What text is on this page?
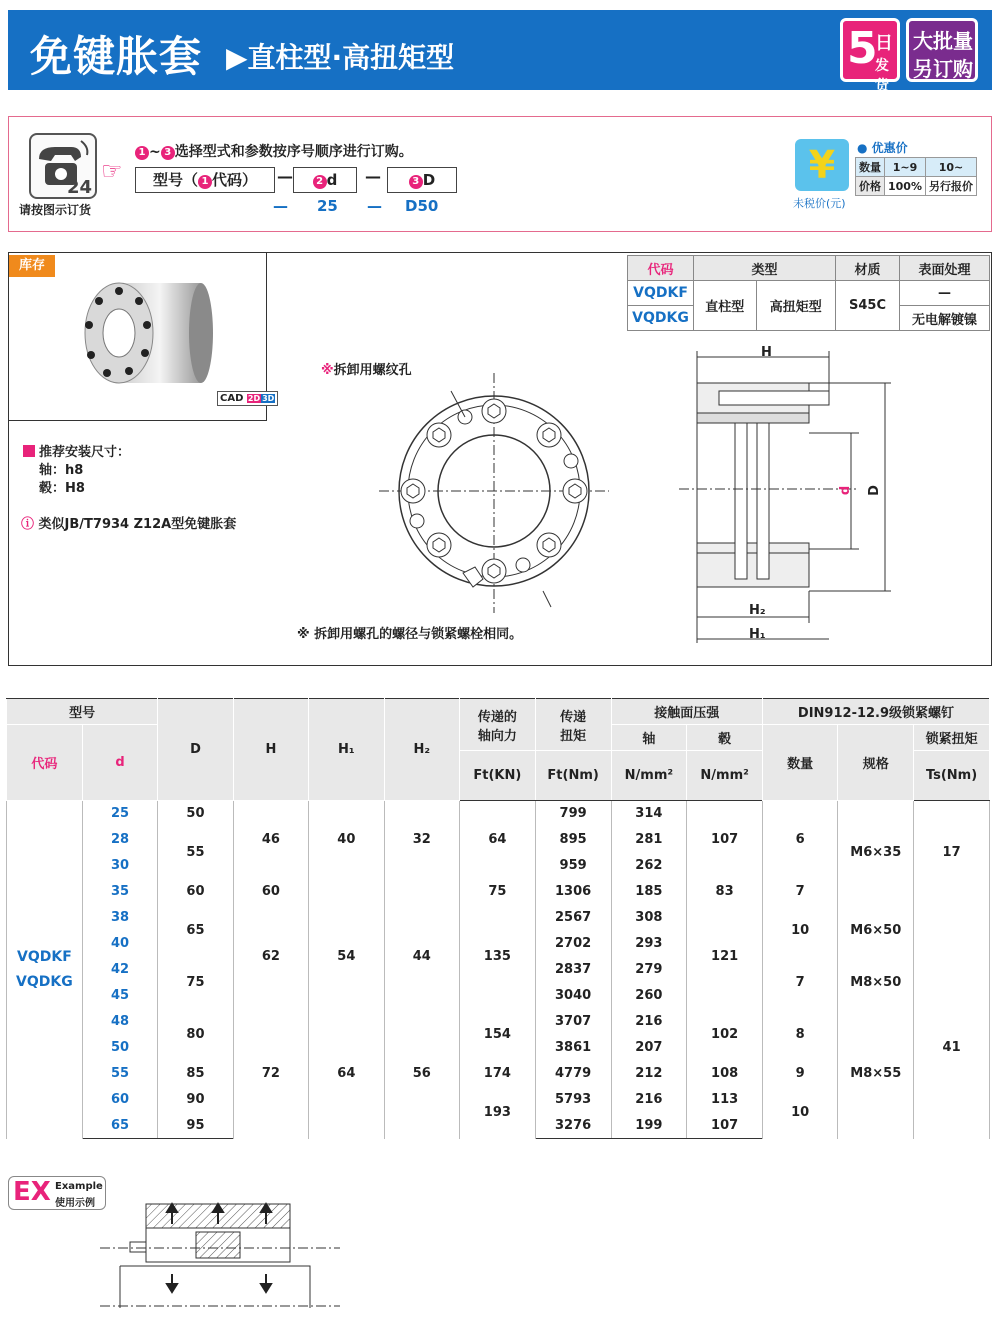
免键胀套 ▶直柱型·高扭矩型	5
日
发货
大批量
另订购
24
请按图示订货
☞
1 ~ 3 选择型式和参数按序号顺序进行订购。
型号（ 1 代码）	—	2 d	—	3 D
— 25 — D50
¥
未税价(元)
● 优惠价
数量	1~9	10~
价格	100%	另行报价
库存
CAD 2D 3D
推荐安装尺寸：
轴：h8
毂：H8
ⓘ 类似JB/T7934 Z12A型免键胀套
※拆卸用螺纹孔
※ 拆卸用螺孔的螺径与锁紧螺栓相同。
H
d D
H₂
H₁
代码	类型		材质	表面处理
VQDKF	直柱型	高扭矩型	S45C	—
VQDKG				无电解镀镍
型号		D	H	H₁	H₂	传递的
轴向力	传递
扭矩	接触面压强		DIN912-12.9级锁紧螺钉		
代码	d							轴	毂	数量	规格	锁紧扭矩
						Ft(KN)	Ft(Nm)	N/mm²	N/mm²			Ts(Nm)
VQDKF
VQDKG	25	50	46	40	32	64	799	314	107	6	M6×35	17
	28	55					895	281				
	30						959	262				
	35	60	60			75	1306	185	83	7		
	38	65	62	54	44	135	2567	308	121	10	M6×50	
	40						2702	293				
	42	75					2837	279		7	M8×50	41
	45						3040	260				
	48	80	72	64	56	154	3707	216	102	8	M8×55	
	50						3861	207				
	55	85				174	4779	212	108	9		
	60	90				193	5793	216	113	10		
	65	95					3276	199	107			
EX Example
使用示例
